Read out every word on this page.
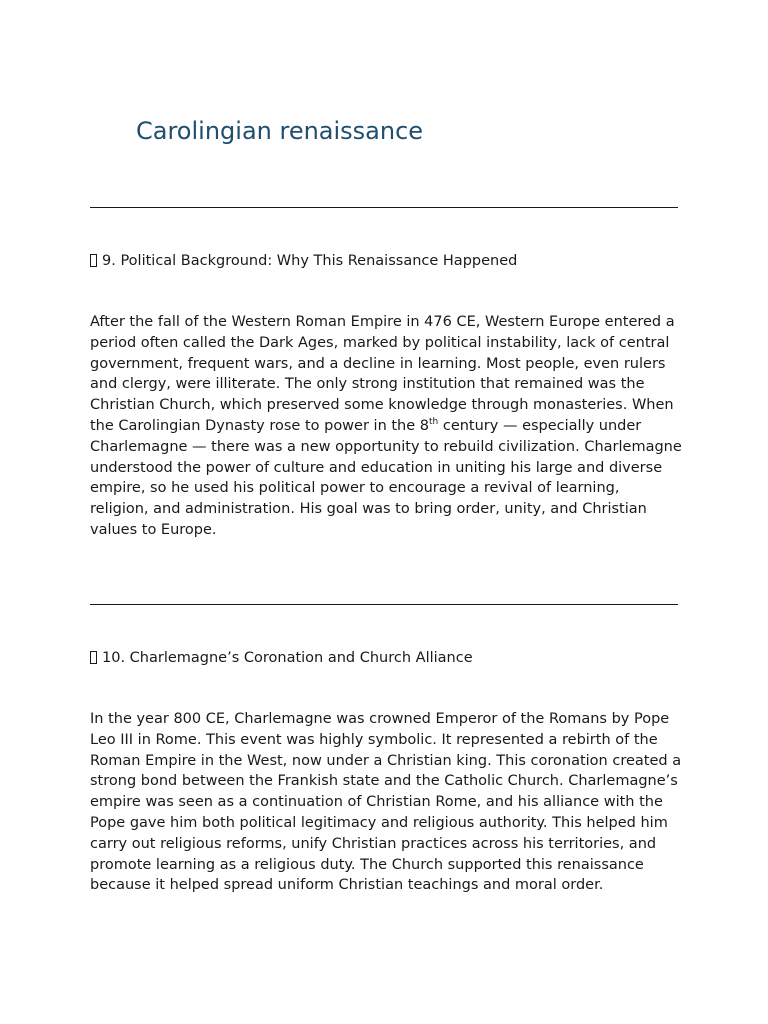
Carolingian renaissance
9. Political Background: Why This Renaissance Happened

After the fall of the Western Roman Empire in 476 CE, Western Europe entered a period often called the Dark Ages, marked by political instability, lack of central government, frequent wars, and a decline in learning. Most people, even rulers and clergy, were illiterate. The only strong institution that remained was the Christian Church, which preserved some knowledge through monasteries. When the Carolingian Dynasty rose to power in the 8th century — especially under Charlemagne — there was a new opportunity to rebuild civilization. Charlemagne understood the power of culture and education in uniting his large and diverse empire, so he used his political power to encourage a revival of learning, religion, and administration. His goal was to bring order, unity, and Christian values to Europe.

10. Charlemagne’s Coronation and Church Alliance

In the year 800 CE, Charlemagne was crowned Emperor of the Romans by Pope Leo III in Rome. This event was highly symbolic. It represented a rebirth of the Roman Empire in the West, now under a Christian king. This coronation created a strong bond between the Frankish state and the Catholic Church. Charlemagne’s empire was seen as a continuation of Christian Rome, and his alliance with the Pope gave him both political legitimacy and religious authority. This helped him carry out religious reforms, unify Christian practices across his territories, and promote learning as a religious duty. The Church supported this renaissance because it helped spread uniform Christian teachings and moral order.
